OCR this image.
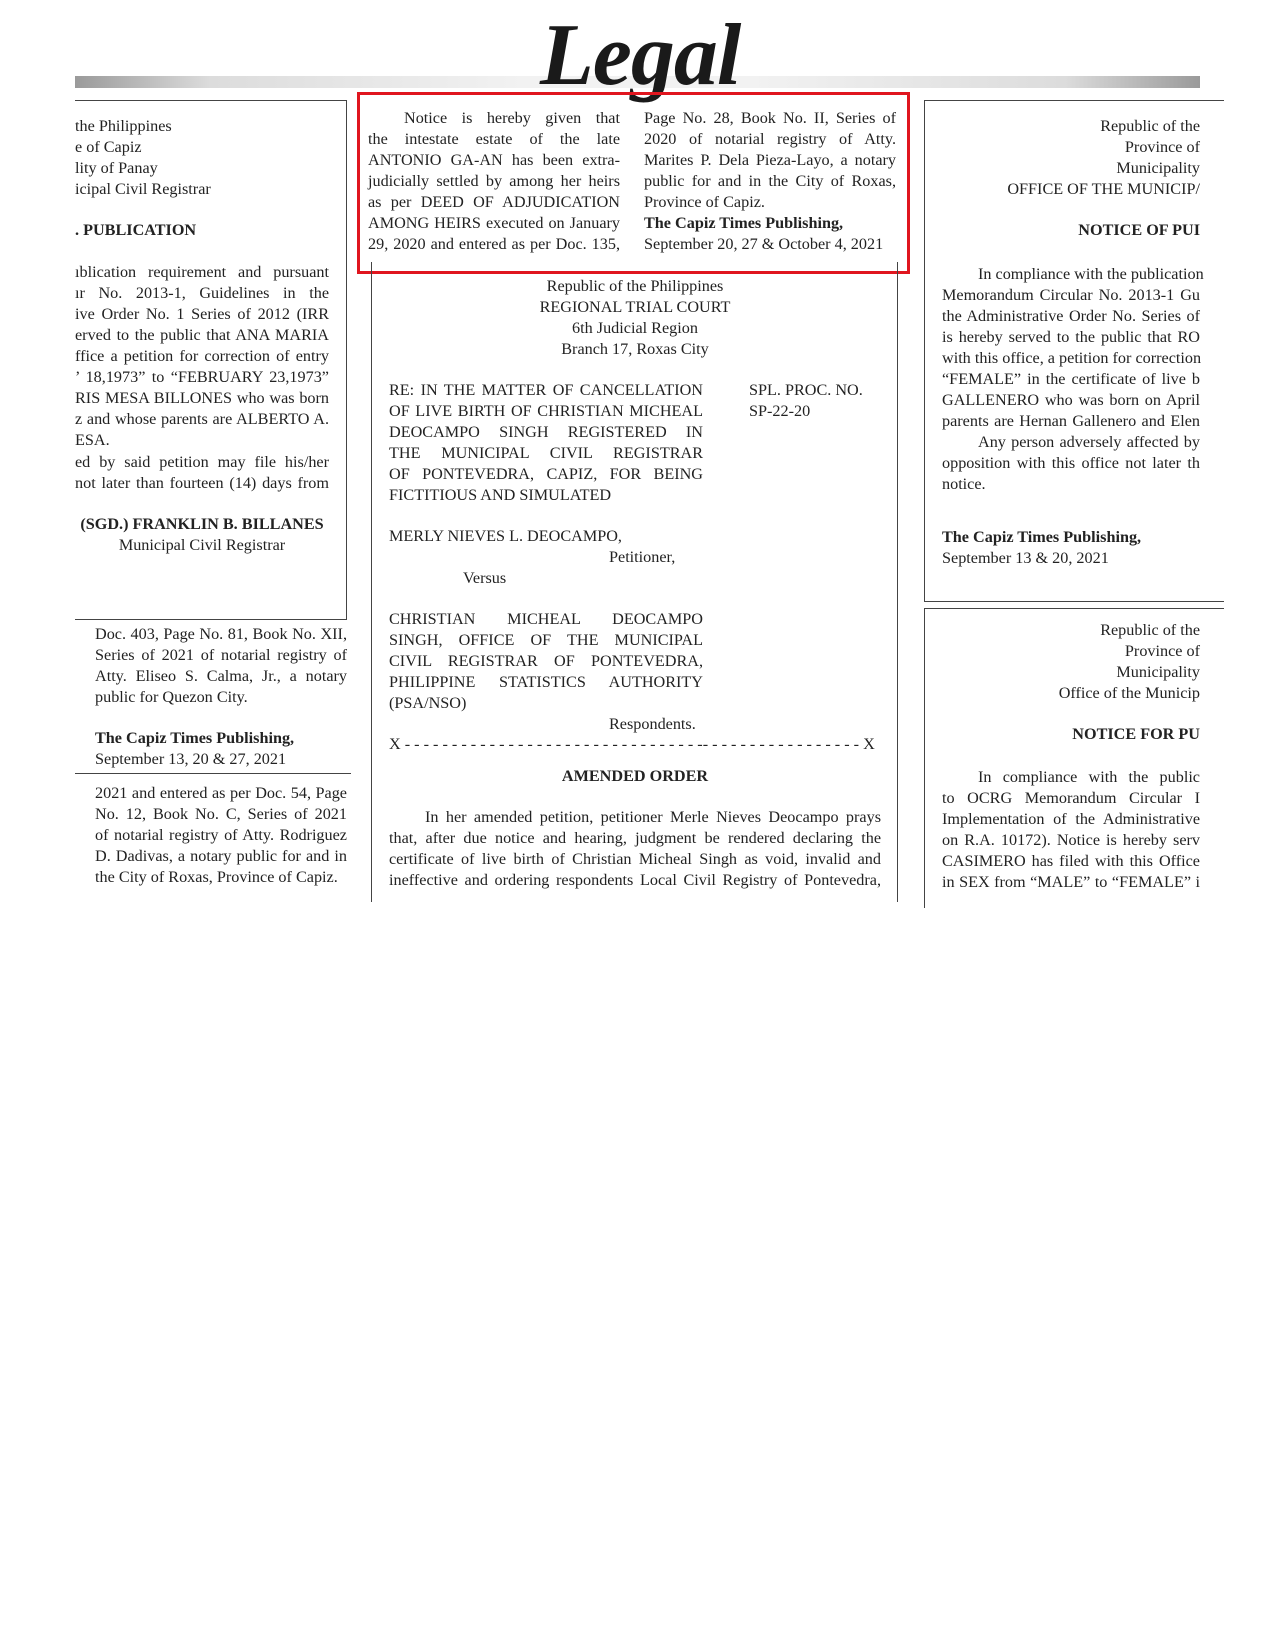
Legal
the Philippines
e of Capiz
lity of Panay
icipal Civil Registrar
. PUBLICATION
ıblication requirement and pursuant
ır No. 2013-1, Guidelines in the
ive Order No. 1 Series of 2012 (IRR
erved to the public that ANA MARIA
ffice a petition for correction of entry
’ 18,1973” to “FEBRUARY 23,1973”
RIS MESA BILLONES who was born
z and whose parents are ALBERTO A.
ESA.
ed by said petition may file his/her
not later than fourteen (14) days from
(SGD.) FRANKLIN B. BILLANES
Municipal Civil Registrar
Doc. 403, Page No. 81, Book No. XII,
Series of 2021 of notarial registry of
Atty. Eliseo S. Calma, Jr., a notary
public for Quezon City.
The Capiz Times Publishing,
September 13, 20 & 27, 2021
2021 and entered as per Doc. 54, Page
No. 12, Book No. C, Series of 2021
of notarial registry of Atty. Rodriguez
D. Dadivas, a notary public for and in
the City of Roxas, Province of Capiz.
Notice is hereby given that
the intestate estate of the late
ANTONIO GA-AN has been extra-
judicially settled by among her heirs
as per DEED OF ADJUDICATION
AMONG HEIRS executed on January
29, 2020 and entered as per Doc. 135,
Page No. 28, Book No. II, Series of
2020 of notarial registry of Atty.
Marites P. Dela Pieza-Layo, a notary
public for and in the City of Roxas,
Province of Capiz.
The Capiz Times Publishing,
September 20, 27 & October 4, 2021
Republic of the Philippines
REGIONAL TRIAL COURT
6th Judicial Region
Branch 17, Roxas City
RE: IN THE MATTER OF CANCELLATION
OF LIVE BIRTH OF CHRISTIAN MICHEAL
DEOCAMPO SINGH REGISTERED IN
THE MUNICIPAL CIVIL REGISTRAR
OF PONTEVEDRA, CAPIZ, FOR BEING
FICTITIOUS AND SIMULATED
SPL. PROC. NO.
SP-22-20
MERLY NIEVES L. DEOCAMPO,
Petitioner,
Versus
CHRISTIAN MICHEAL DEOCAMPO
SINGH, OFFICE OF THE MUNICIPAL
CIVIL REGISTRAR OF PONTEVEDRA,
PHILIPPINE STATISTICS AUTHORITY
(PSA/NSO)
Respondents.
X - - - - - - - - - - - - - - - - - - - - - - - - - - - - - - - -- - - - - - - - - - - - - - - - - X
AMENDED ORDER
In her amended petition, petitioner Merle Nieves Deocampo prays
that, after due notice and hearing, judgment be rendered declaring the
certificate of live birth of Christian Micheal Singh as void, invalid and
ineffective and ordering respondents Local Civil Registry of Pontevedra,
Republic of the
Province of
Municipality
OFFICE OF THE MUNICIP/
NOTICE OF PUI
In compliance with the publication
Memorandum Circular No. 2013-1 Gu
the Administrative Order No. Series of
is hereby served to the public that RO
with this office, a petition for correction
“FEMALE” in the certificate of live b
GALLENERO who was born on April
parents are Hernan Gallenero and Elen
Any person adversely affected by
opposition with this office not later th
notice.
The Capiz Times Publishing,
September 13 & 20, 2021
Republic of the
Province of
Municipality
Office of the Municip
NOTICE FOR PU
In compliance with the public
to OCRG Memorandum Circular I
Implementation of the Administrative
on R.A. 10172). Notice is hereby serv
CASIMERO has filed with this Office
in SEX from “MALE” to “FEMALE” i
